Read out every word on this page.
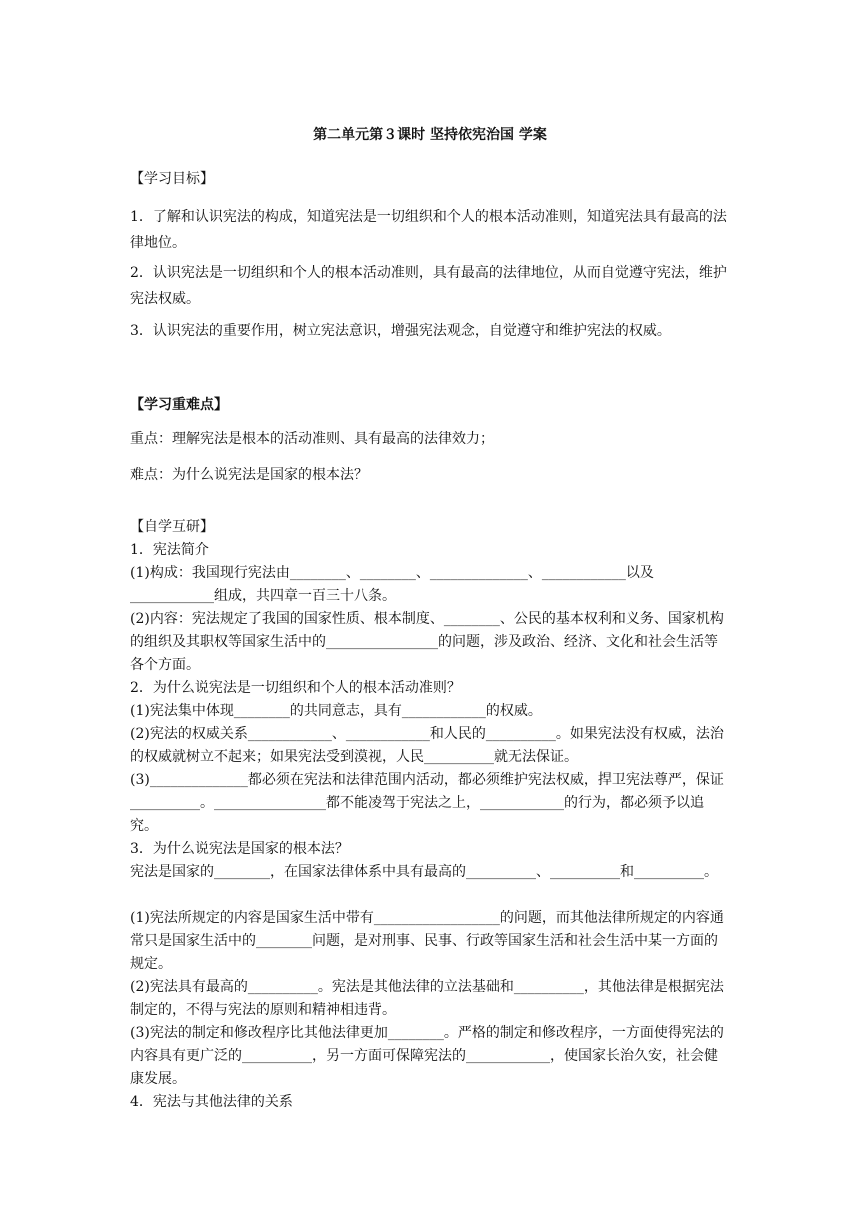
第二单元第３课时 坚持依宪治国 学案

【学习目标】

1．了解和认识宪法的构成，知道宪法是一切组织和个人的根本活动准则，知道宪法具有最高的法律地位。

2．认识宪法是一切组织和个人的根本活动准则，具有最高的法律地位，从而自觉遵守宪法，维护宪法权威。

3．认识宪法的重要作用，树立宪法意识，增强宪法观念，自觉遵守和维护宪法的权威。

【学习重难点】

重点：理解宪法是根本的活动准则、具有最高的法律效力；

难点：为什么说宪法是国家的根本法？

【自学互研】

1．宪法简介

(1)构成：我国现行宪法由________、________、______________、____________以及____________组成，共四章一百三十八条。

(2)内容：宪法规定了我国的国家性质、根本制度、________、公民的基本权利和义务、国家机构的组织及其职权等国家生活中的________________的问题，涉及政治、经济、文化和社会生活等各个方面。

2．为什么说宪法是一切组织和个人的根本活动准则？

(1)宪法集中体现________的共同意志，具有____________的权威。

(2)宪法的权威关系____________、____________和人民的__________。如果宪法没有权威，法治的权威就树立不起来；如果宪法受到漠视，人民__________就无法保证。

(3)______________都必须在宪法和法律范围内活动，都必须维护宪法权威，捍卫宪法尊严，保证__________。________________都不能凌驾于宪法之上，____________的行为，都必须予以追究。

3．为什么说宪法是国家的根本法？

宪法是国家的________，在国家法律体系中具有最高的__________、__________和__________。

(1)宪法所规定的内容是国家生活中带有__________________的问题，而其他法律所规定的内容通常只是国家生活中的________问题，是对刑事、民事、行政等国家生活和社会生活中某一方面的规定。

(2)宪法具有最高的__________。宪法是其他法律的立法基础和__________，其他法律是根据宪法制定的，不得与宪法的原则和精神相违背。

(3)宪法的制定和修改程序比其他法律更加________。严格的制定和修改程序，一方面使得宪法的内容具有更广泛的__________，另一方面可保障宪法的____________，使国家长治久安，社会健康发展。

4．宪法与其他法律的关系
